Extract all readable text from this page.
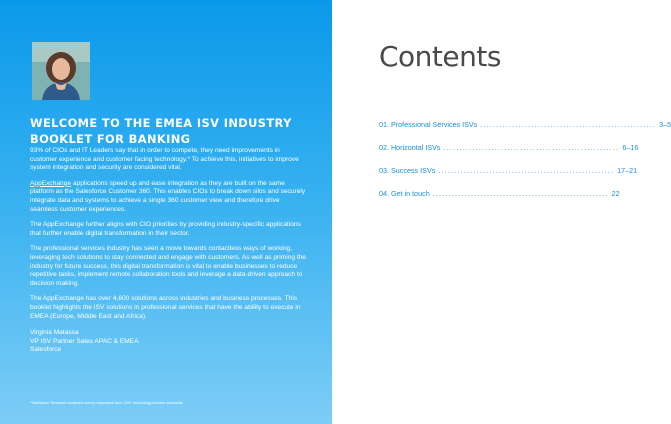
WELCOME TO THE EMEA ISV INDUSTRY BOOKLET FOR BANKING

93% of CIOs and IT Leaders say that in order to compete, they need improvements in customer experience and customer facing technology.* To achieve this, initiatives to improve system integration and security are considered vital.

AppExchange applications speed up and ease integration as they are built on the same platform as the Salesforce Customer 360. This enables CIOs to break down silos and securely integrate data and systems to achieve a single 360 customer view and therefore drive seamless customer experiences.

The AppExchange further aligns with CIO priorities by providing industry-specific applications that further enable digital transformation in their sector.

The professional services industry has seen a move towards contactless ways of working, leveraging tech solutions to stay connected and engage with customers. As well as priming the industry for future success, this digital transformation is vital to enable businesses to reduce repetitive tasks, implement remote collaboration tools and leverage a data-driven approach to decision making.

The AppExchange has over 4,600 solutions across industries and business processes. This booklet highlights the ISV solutions in professional services that have the ability to execute in EMEA (Europe, Middle East and Africa).

Virginia Matassa
VP ISV Partner Sales APAC & EMEA
Salesforce
*Salesforce Research analysed survey responses from 100+ technology leaders worldwide
Contents
01. Professional Services ISVs ....................................................... 3–5
02. Horizontal ISVs ....................................................... 6–16
03. Success ISVs ....................................................... 17–21
04. Get in touch ....................................................... 22
